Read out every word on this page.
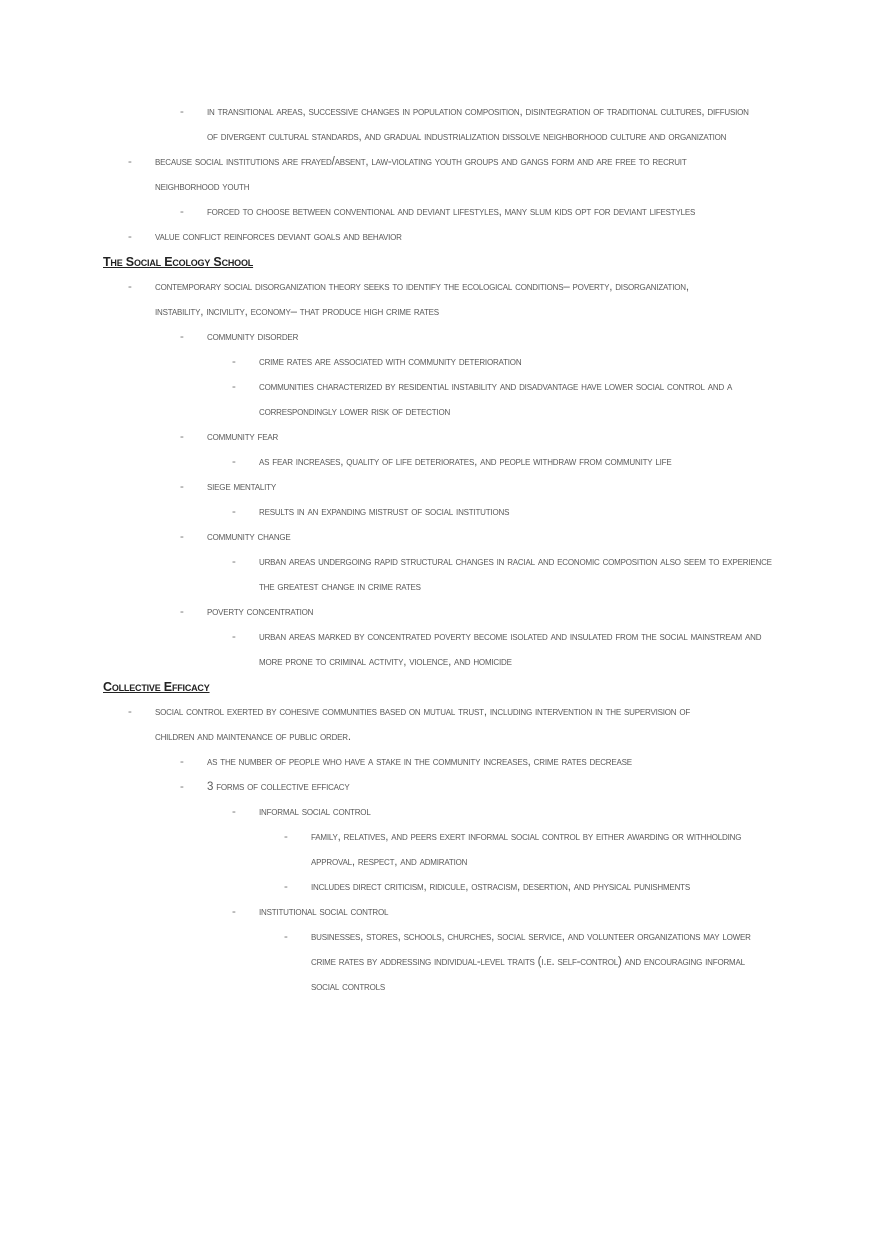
- in transitional areas, successive changes in population composition, disintegration of traditional cultures, diffusion of divergent cultural standards, and gradual industrialization dissolve neighborhood culture and organization
- because social institutions are frayed/absent, law-violating youth groups and gangs form and are free to recruit neighborhood youth
- forced to choose between conventional and deviant lifestyles, many slum kids opt for deviant lifestyles
- value conflict reinforces deviant goals and behavior
The Social Ecology School
- contemporary social disorganization theory seeks to identify the ecological conditions– poverty, disorganization, instability, incivility, economy– that produce high crime rates
- community disorder
- crime rates are associated with community deterioration
- communities characterized by residential instability and disadvantage have lower social control and a correspondingly lower risk of detection
- community fear
- as fear increases, quality of life deteriorates, and people withdraw from community life
- siege mentality
- results in an expanding mistrust of social institutions
- community change
- urban areas undergoing rapid structural changes in racial and economic composition also seem to experience the greatest change in crime rates
- poverty concentration
- urban areas marked by concentrated poverty become isolated and insulated from the social mainstream and more prone to criminal activity, violence, and homicide
Collective Efficacy
- social control exerted by cohesive communities based on mutual trust, including intervention in the supervision of children and maintenance of public order.
- as the number of people who have a stake in the community increases, crime rates decrease
- 3 forms of collective efficacy
- informal social control
- family, relatives, and peers exert informal social control by either awarding or withholding approval, respect, and admiration
- includes direct criticism, ridicule, ostracism, desertion, and physical punishments
- institutional social control
- businesses, stores, schools, churches, social service, and volunteer organizations may lower crime rates by addressing individual-level traits (i.e. self-control) and encouraging informal social controls
